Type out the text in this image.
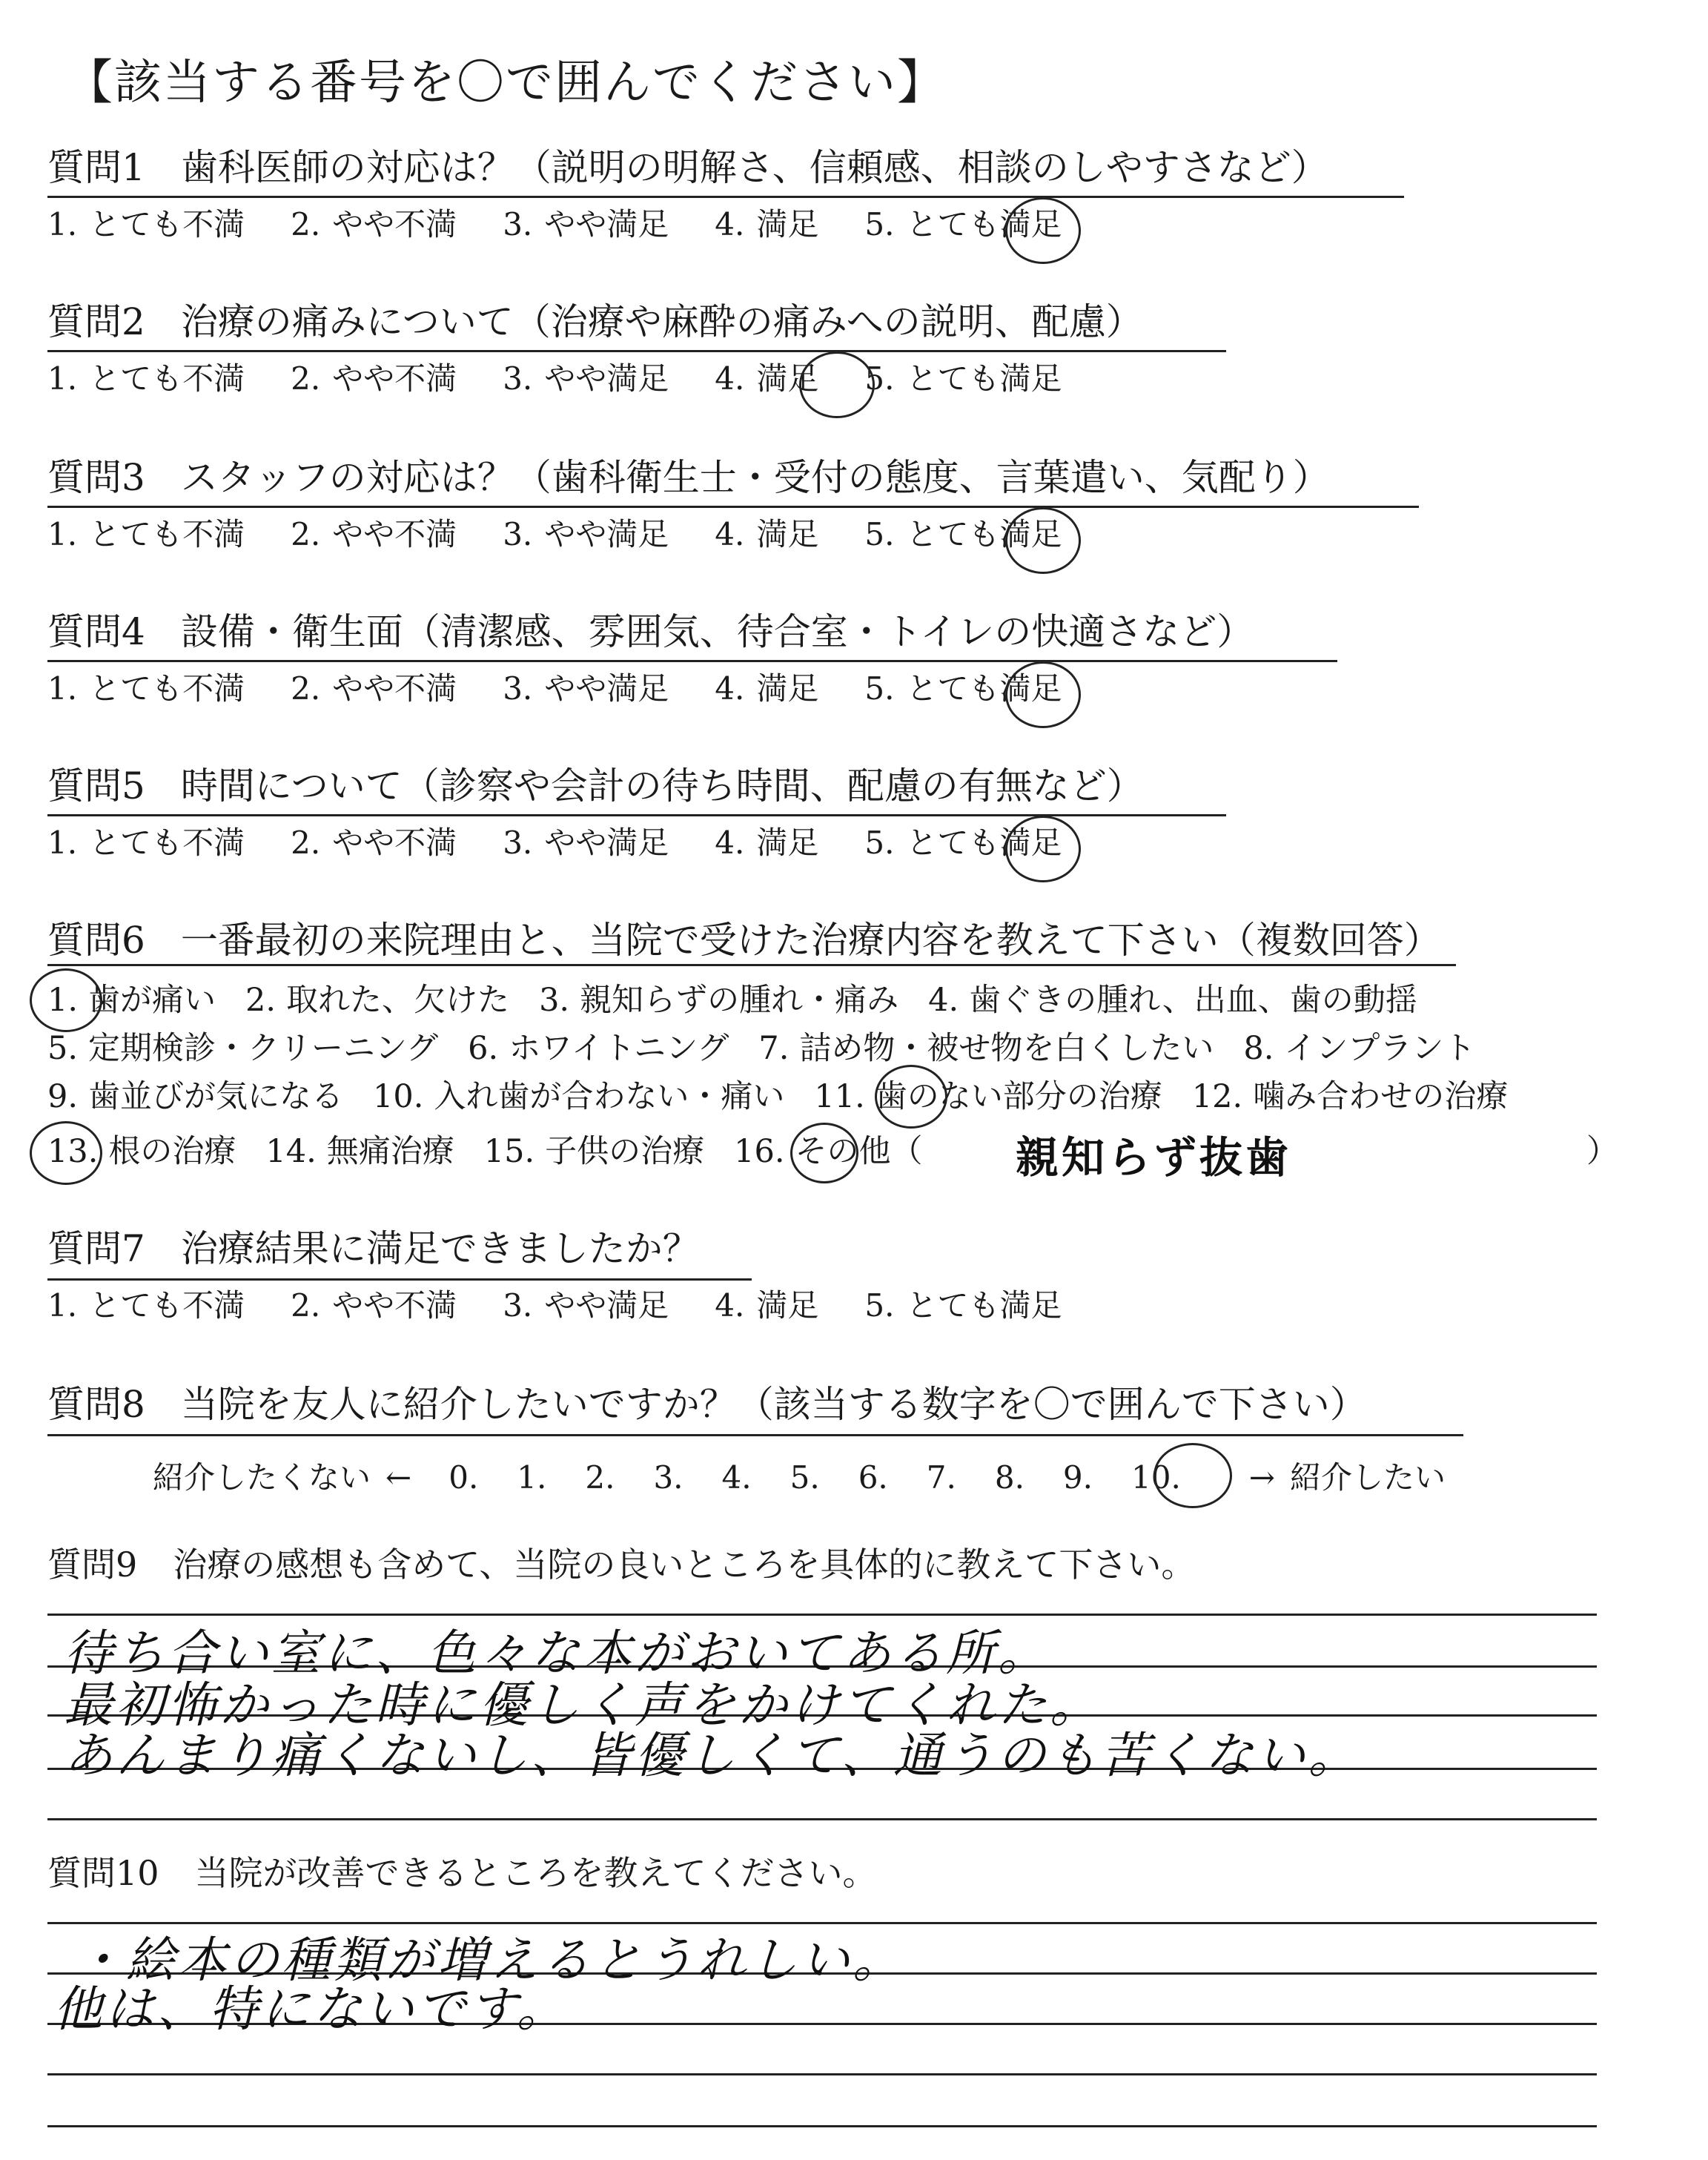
【該当する番号を〇で囲んでください】
質問1 歯科医師の対応は？（説明の明解さ、信頼感、相談のしやすさなど）
1. とても不満 2. やや不満 3. やや満足 4. 満足 5. とても満足
質問2 治療の痛みについて（治療や麻酔の痛みへの説明、配慮）
1. とても不満 2. やや不満 3. やや満足 4. 満足 5. とても満足
質問3 スタッフの対応は？（歯科衛生士・受付の態度、言葉遣い、気配り）
1. とても不満 2. やや不満 3. やや満足 4. 満足 5. とても満足
質問4 設備・衛生面（清潔感、雰囲気、待合室・トイレの快適さなど）
1. とても不満 2. やや不満 3. やや満足 4. 満足 5. とても満足
質問5 時間について（診察や会計の待ち時間、配慮の有無など）
1. とても不満 2. やや不満 3. やや満足 4. 満足 5. とても満足
質問6 一番最初の来院理由と、当院で受けた治療内容を教えて下さい（複数回答）
1. 歯が痛い 2. 取れた、欠けた 3. 親知らずの腫れ・痛み 4. 歯ぐきの腫れ、出血、歯の動揺
5. 定期検診・クリーニング 6. ホワイトニング 7. 詰め物・被せ物を白くしたい 8. インプラント
9. 歯並びが気になる 10. 入れ歯が合わない・痛い 11. 歯のない部分の治療 12. 噛み合わせの治療
13. 根の治療 14. 無痛治療 15. 子供の治療 16. その他（	親知らず抜歯	）
質問7 治療結果に満足できましたか？
1. とても不満 2. やや不満 3. やや満足 4. 満足 5. とても満足
質問8 当院を友人に紹介したいですか？（該当する数字を〇で囲んで下さい）
紹介したくない ← 0. 1. 2. 3. 4. 5. 6. 7. 8. 9. 10. → 紹介したい
質問9 治療の感想も含めて、当院の良いところを具体的に教えて下さい。
待ち合い室に、色々な本がおいてある所。
最初怖かった時に優しく声をかけてくれた。
あんまり痛くないし、皆優しくて、通うのも苦くない。
質問10 当院が改善できるところを教えてください。
・絵本の種類が増えるとうれしい。
他は、特にないです。
